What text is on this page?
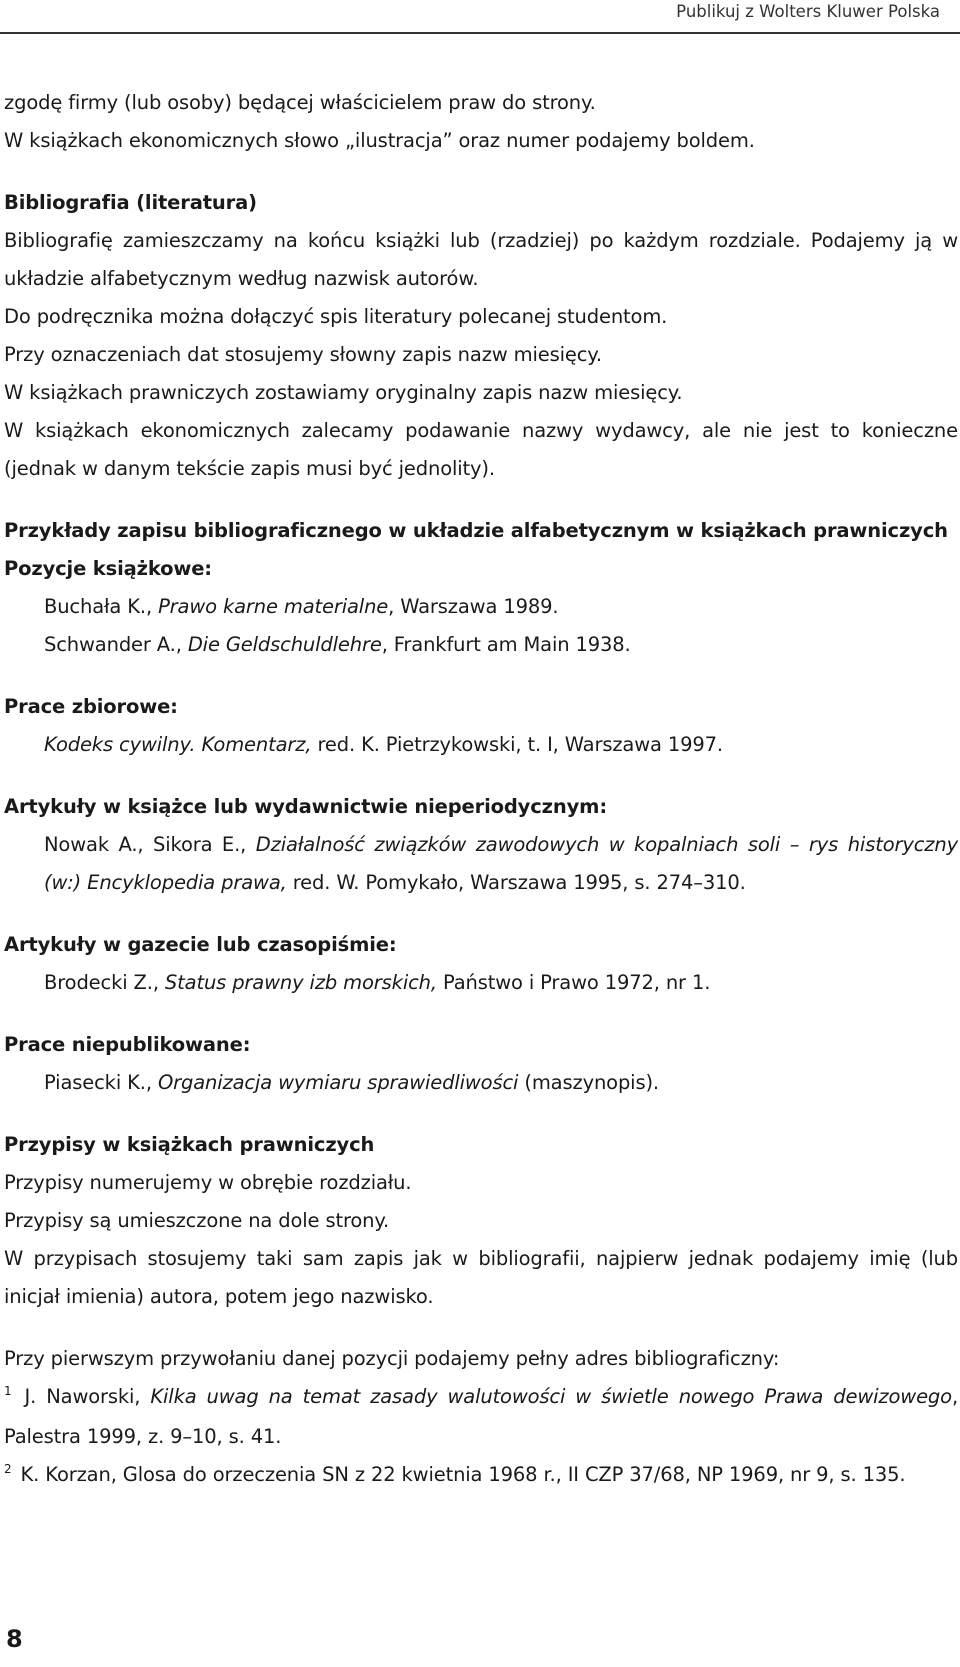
Publikuj z Wolters Kluwer Polska

zgodę firmy (lub osoby) będącej właścicielem praw do strony.

W książkach ekonomicznych słowo „ilustracja” oraz numer podajemy boldem.

Bibliografia (literatura)

Bibliografię zamieszczamy na końcu książki lub (rzadziej) po każdym rozdziale. Podajemy ją w układzie alfabetycznym według nazwisk autorów.

Do podręcznika można dołączyć spis literatury polecanej studentom.

Przy oznaczeniach dat stosujemy słowny zapis nazw miesięcy.

W książkach prawniczych zostawiamy oryginalny zapis nazw miesięcy.

W książkach ekonomicznych zalecamy podawanie nazwy wydawcy, ale nie jest to konieczne (jednak w danym tekście zapis musi być jednolity).

Przykłady zapisu bibliograficznego w układzie alfabetycznym w książkach prawniczych

Pozycje książkowe:

Buchała K., Prawo karne materialne, Warszawa 1989.

Schwander A., Die Geldschuldlehre, Frankfurt am Main 1938.

Prace zbiorowe:

Kodeks cywilny. Komentarz, red. K. Pietrzykowski, t. I, Warszawa 1997.

Artykuły w książce lub wydawnictwie nieperiodycznym:

Nowak A., Sikora E., Działalność związków zawodowych w kopalniach soli – rys historyczny (w:) Encyklopedia prawa, red. W. Pomykało, Warszawa 1995, s. 274–310.

Artykuły w gazecie lub czasopiśmie:

Brodecki Z., Status prawny izb morskich, Państwo i Prawo 1972, nr 1.

Prace niepublikowane:

Piasecki K., Organizacja wymiaru sprawiedliwości (maszynopis).

Przypisy w książkach prawniczych

Przypisy numerujemy w obrębie rozdziału.

Przypisy są umieszczone na dole strony.

W przypisach stosujemy taki sam zapis jak w bibliografii, najpierw jednak podajemy imię (lub inicjał imienia) autora, potem jego nazwisko.

Przy pierwszym przywołaniu danej pozycji podajemy pełny adres bibliograficzny:

$^1$ J. Naworski, Kilka uwag na temat zasady walutowości w świetle nowego Prawa dewizowego, Palestra 1999, z. 9–10, s. 41.

$^2$ K. Korzan, Glosa do orzeczenia SN z 22 kwietnia 1968 r., II CZP 37/68, NP 1969, nr 9, s. 135.

8
